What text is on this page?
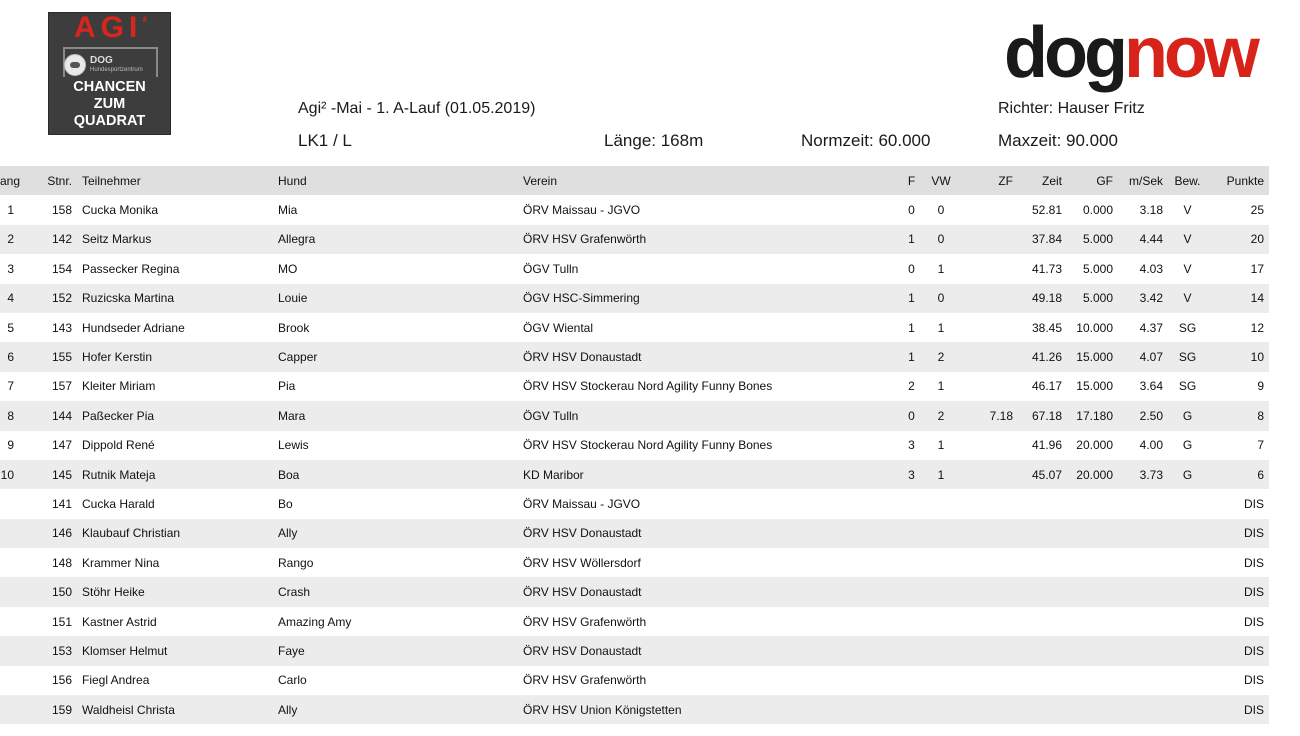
$AGI^{^2}$
DOG
Hundesportzentrum
CHANCEN
ZUM
QUADRAT
dognow
Agi² -Mai - 1. A-Lauf (01.05.2019)	Richter: Hauser Fritz
LK1 / L	Länge: 168m	Normzeit: 60.000	Maxzeit: 90.000
ang	Stnr.	Teilnehmer	Hund	Verein	F	VW	ZF	Zeit	GF	m/Sek	Bew.	Punkte
1	158	Cucka Monika	Mia	ÖRV Maissau - JGVO	0	0		52.81	0.000	3.18	V	25
2	142	Seitz Markus	Allegra	ÖRV HSV Grafenwörth	1	0		37.84	5.000	4.44	V	20
3	154	Passecker Regina	MO	ÖGV Tulln	0	1		41.73	5.000	4.03	V	17
4	152	Ruzicska Martina	Louie	ÖGV HSC-Simmering	1	0		49.18	5.000	3.42	V	14
5	143	Hundseder Adriane	Brook	ÖGV Wiental	1	1		38.45	10.000	4.37	SG	12
6	155	Hofer Kerstin	Capper	ÖRV HSV Donaustadt	1	2		41.26	15.000	4.07	SG	10
7	157	Kleiter Miriam	Pia	ÖRV HSV Stockerau Nord Agility Funny Bones	2	1		46.17	15.000	3.64	SG	9
8	144	Paßecker Pia	Mara	ÖGV Tulln	0	2	7.18	67.18	17.180	2.50	G	8
9	147	Dippold René	Lewis	ÖRV HSV Stockerau Nord Agility Funny Bones	3	1		41.96	20.000	4.00	G	7
10	145	Rutnik Mateja	Boa	KD Maribor	3	1		45.07	20.000	3.73	G	6
	141	Cucka Harald	Bo	ÖRV Maissau - JGVO								DIS
	146	Klaubauf Christian	Ally	ÖRV HSV Donaustadt								DIS
	148	Krammer Nina	Rango	ÖRV HSV Wöllersdorf								DIS
	150	Stöhr Heike	Crash	ÖRV HSV Donaustadt								DIS
	151	Kastner Astrid	Amazing Amy	ÖRV HSV Grafenwörth								DIS
	153	Klomser Helmut	Faye	ÖRV HSV Donaustadt								DIS
	156	Fiegl Andrea	Carlo	ÖRV HSV Grafenwörth								DIS
	159	Waldheisl Christa	Ally	ÖRV HSV Union Königstetten								DIS
